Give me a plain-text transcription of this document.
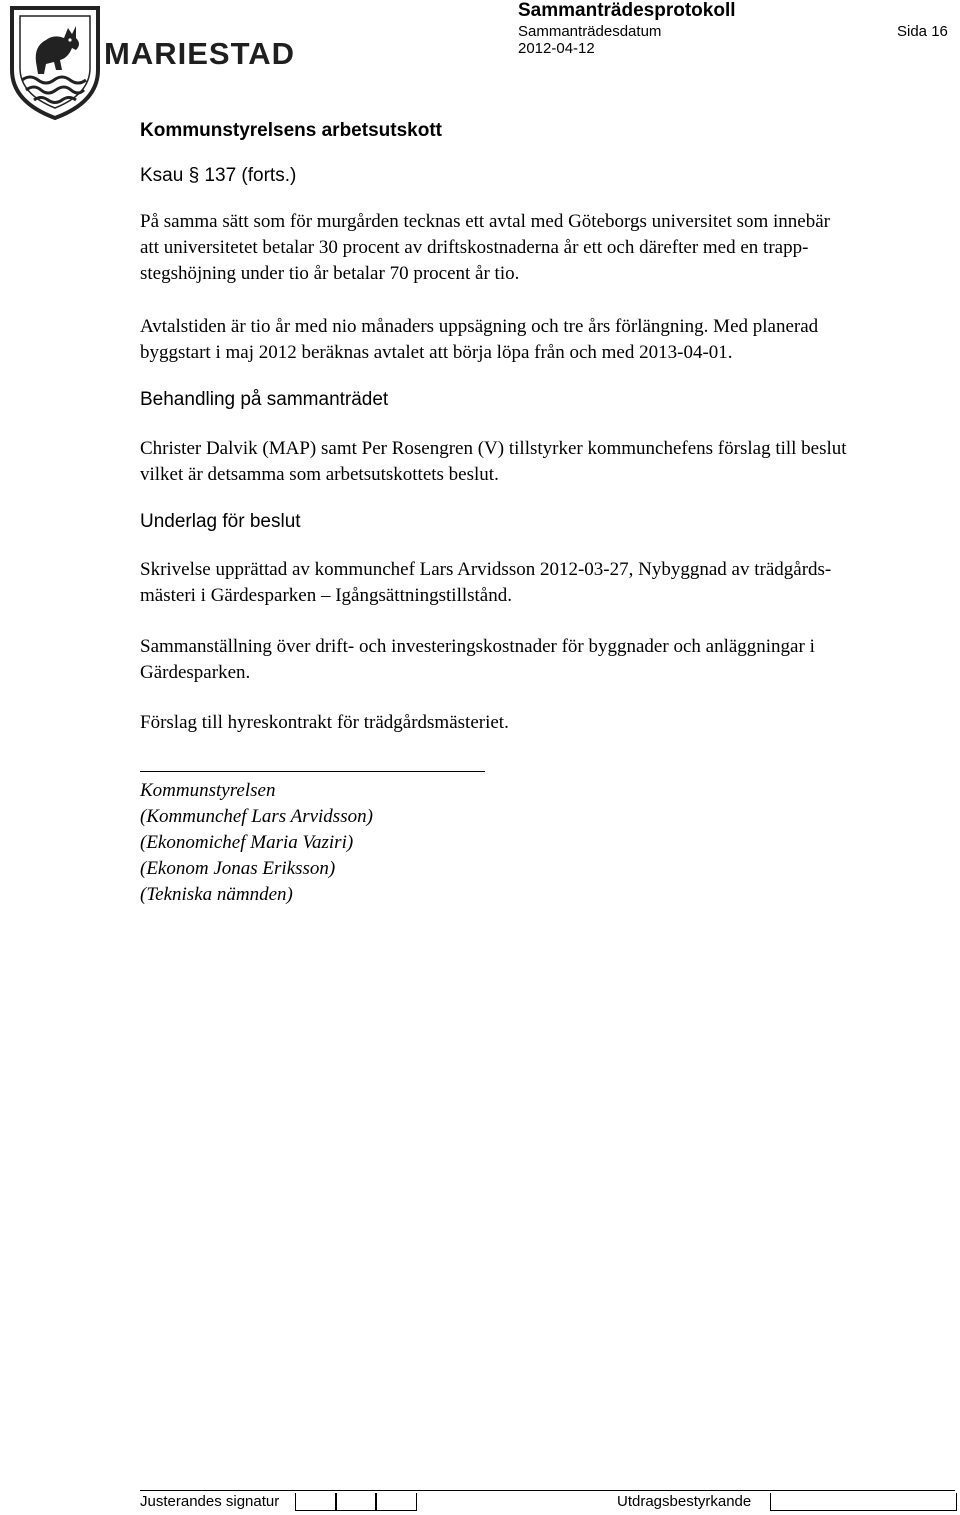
MARIESTAD
Sammanträdesprotokoll
Sammanträdesdatum
2012-04-12
Sida 16
Kommunstyrelsens arbetsutskott
Ksau § 137 (forts.)
På samma sätt som för murgården tecknas ett avtal med Göteborgs universitet som innebär
att universitetet betalar 30 procent av driftskostnaderna år ett och därefter med en trapp-
stegshöjning under tio år betalar 70 procent år tio.
Avtalstiden är tio år med nio månaders uppsägning och tre års förlängning. Med planerad
byggstart i maj 2012 beräknas avtalet att börja löpa från och med 2013-04-01.
Behandling på sammanträdet
Christer Dalvik (MAP) samt Per Rosengren (V) tillstyrker kommunchefens förslag till beslut
vilket är detsamma som arbetsutskottets beslut.
Underlag för beslut
Skrivelse upprättad av kommunchef Lars Arvidsson 2012-03-27, Nybyggnad av trädgårds-
mästeri i Gärdesparken – Igångsättningstillstånd.
Sammanställning över drift- och investeringskostnader för byggnader och anläggningar i
Gärdesparken.
Förslag till hyreskontrakt för trädgårdsmästeriet.
Kommunstyrelsen
(Kommunchef Lars Arvidsson)
(Ekonomichef Maria Vaziri)
(Ekonom Jonas Eriksson)
(Tekniska nämnden)
Justerandes signatur	Utdragsbestyrkande
